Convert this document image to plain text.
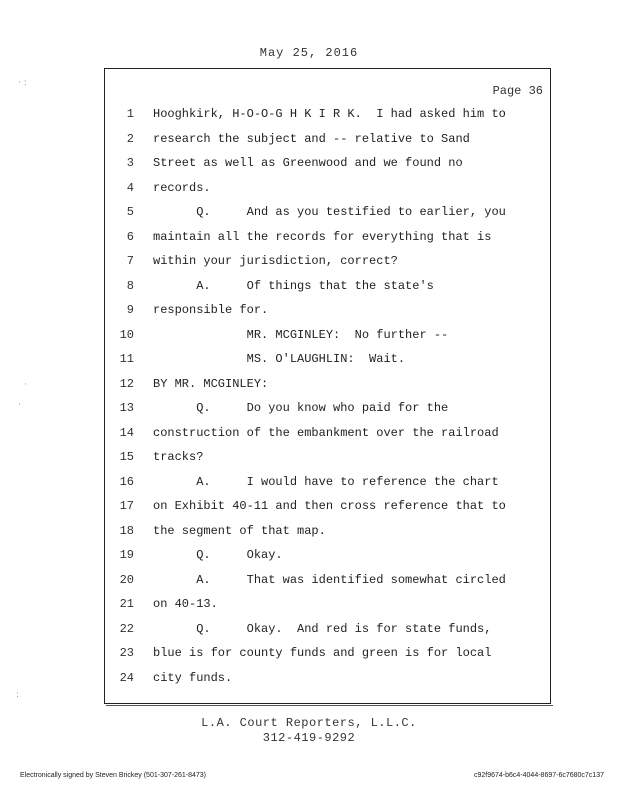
May 25, 2016
Page 36
1 Hooghkirk, H-O-O-G H K I R K.  I had asked him to
2 research the subject and -- relative to Sand
3 Street as well as Greenwood and we found no
4 records.
5 Q.     And as you testified to earlier, you
6 maintain all the records for everything that is
7 within your jurisdiction, correct?
8 A.     Of things that the state's
9 responsible for.
10 MR. MCGINLEY:  No further --
11 MS. O'LAUGHLIN:  Wait.
12 BY MR. MCGINLEY:
13 Q.     Do you know who paid for the
14 construction of the embankment over the railroad
15 tracks?
16 A.     I would have to reference the chart
17 on Exhibit 40-11 and then cross reference that to
18 the segment of that map.
19 Q.     Okay.
20 A.     That was identified somewhat circled
21 on 40-13.
22 Q.     Okay.  And red is for state funds,
23 blue is for county funds and green is for local
24 city funds.
L.A. Court Reporters, L.L.C.
312-419-9292
Electronically signed by Steven Brickey (501-307-261-8473)	c92f9674-b6c4-4044-8697-6c7680c7c137
· :
·
·
:
